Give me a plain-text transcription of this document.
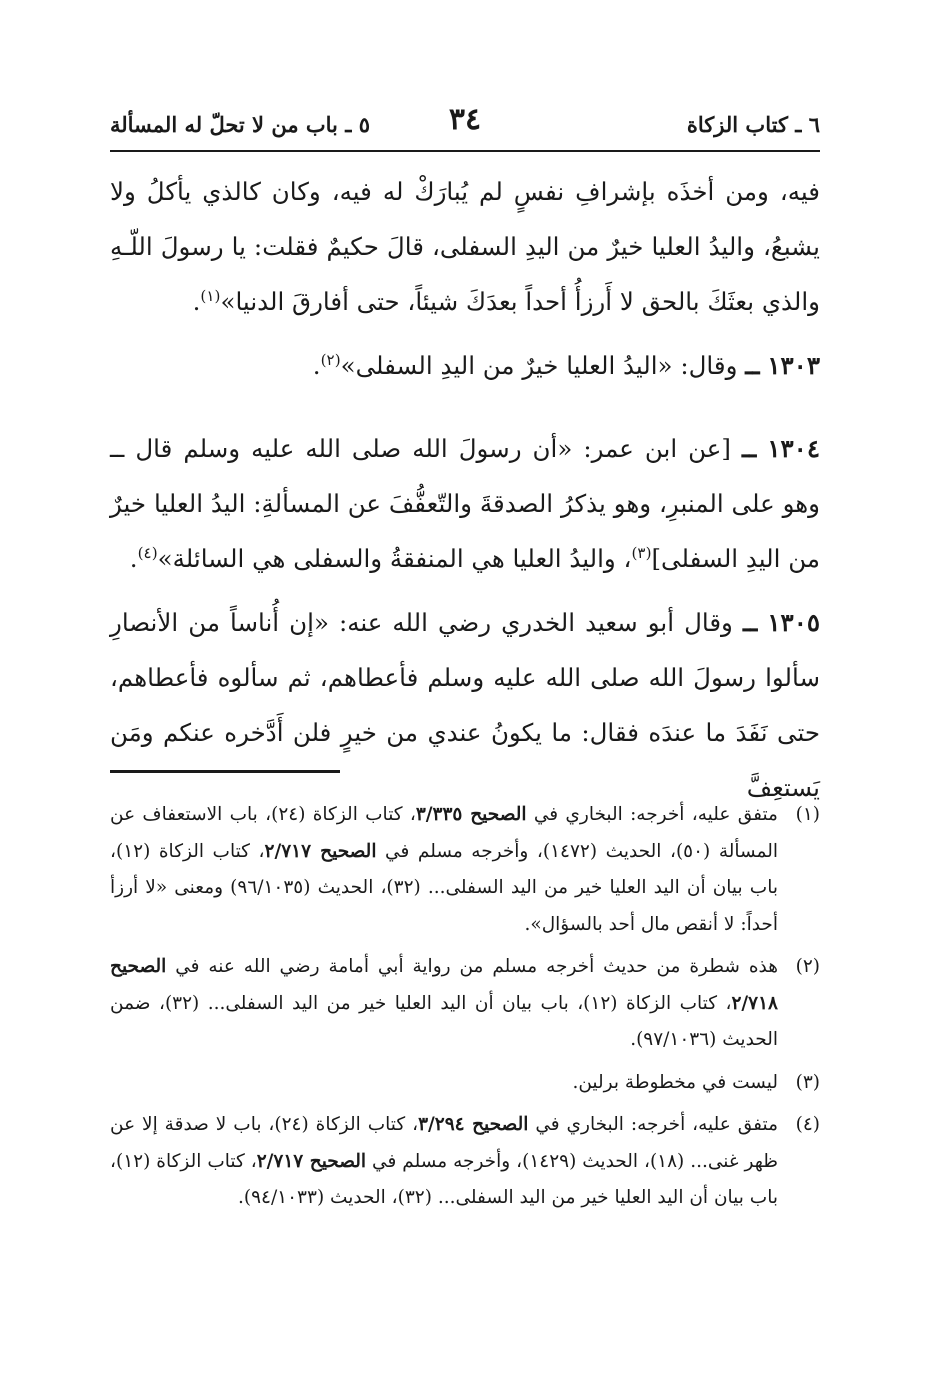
٦ ـ كتاب الزكاة
٣٤
٥ ـ باب من لا تحلّ له المسألة
فيه، ومن أخذَه بإشرافِ نفسٍ لم يُبارَكْ له فيه، وكان كالذي يأكلُ ولا يشبعُ، واليدُ العليا خيرٌ من اليدِ السفلى، قالَ حكيمٌ فقلت: يا رسولَ اللّـهِ والذي بعثَكَ بالحق لا أَرزأُ أحداً بعدَكَ شيئاً، حتى أفارقَ الدنيا»$^{(١)}$.
١٣٠٣ ــ وقال: «اليدُ العليا خيرٌ من اليدِ السفلى»$^{(٢)}$.
١٣٠٤ ــ [عن ابن عمر: «أن رسولَ الله صلى الله عليه وسلم قال ــ وهو على المنبرِ، وهو يذكرُ الصدقةَ والتّعفُّفَ عن المسألةِ: اليدُ العليا خيرٌ من اليدِ السفلى]$^{(٣)}$، واليدُ العليا هي المنفقةُ والسفلى هي السائلة»$^{(٤)}$.
١٣٠٥ ــ وقال أبو سعيد الخدري رضي الله عنه: «إن أُناساً من الأنصارِ سألوا رسولَ الله صلى الله عليه وسلم فأعطاهم، ثم سألوه فأعطاهم، حتى نَفَدَ ما عندَه فقال: ما يكونُ عندي من خيرٍ فلن أَدَّخره عنكم ومَن يَستعِفَّ
(١)
متفق عليه، أخرجه: البخاري في الصحيح ٣/٣٣٥، كتاب الزكاة (٢٤)، باب الاستعفاف عن المسألة (٥٠)، الحديث (١٤٧٢)، وأخرجه مسلم في الصحيح ٢/٧١٧، كتاب الزكاة (١٢)، باب بيان أن اليد العليا خير من اليد السفلى... (٣٢)، الحديث (٩٦/١٠٣٥) ومعنى «لا أرزأ أحداً: لا أنقص مال أحد بالسؤال».
(٢)
هذه شطرة من حديث أخرجه مسلم من رواية أبي أمامة رضي الله عنه في الصحيح ٢/٧١٨، كتاب الزكاة (١٢)، باب بيان أن اليد العليا خير من اليد السفلى... (٣٢)، ضمن الحديث (٩٧/١٠٣٦).
(٣)
ليست في مخطوطة برلين.
(٤)
متفق عليه، أخرجه: البخاري في الصحيح ٣/٢٩٤، كتاب الزكاة (٢٤)، باب لا صدقة إلا عن ظهر غنى... (١٨)، الحديث (١٤٢٩)، وأخرجه مسلم في الصحيح ٢/٧١٧، كتاب الزكاة (١٢)، باب بيان أن اليد العليا خير من اليد السفلى... (٣٢)، الحديث (٩٤/١٠٣٣).
